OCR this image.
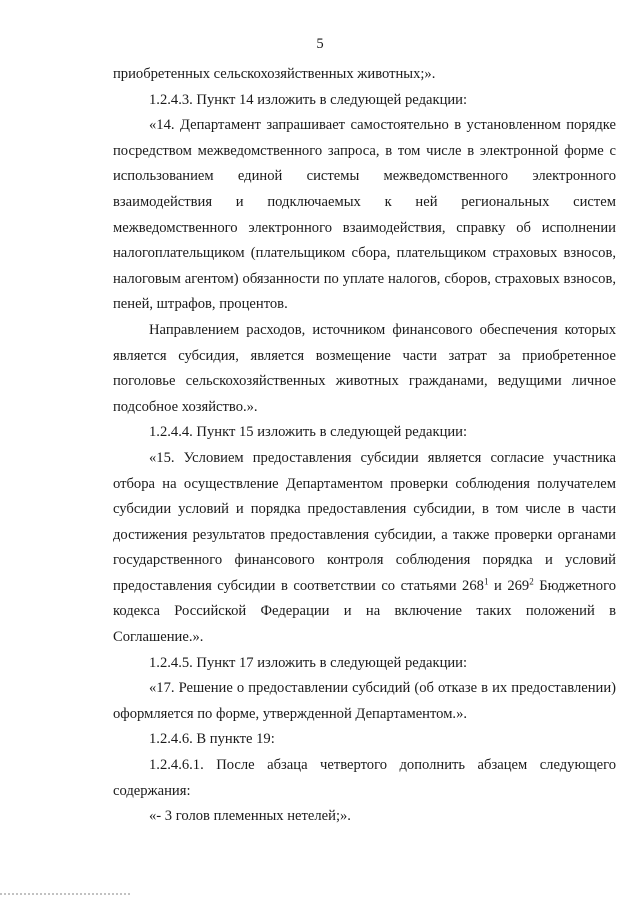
5

приобретенных сельскохозяйственных животных;».

1.2.4.3. Пункт 14 изложить в следующей редакции:

«14. Департамент запрашивает самостоятельно в установленном порядке посредством межведомственного запроса, в том числе в электронной форме с использованием единой системы межведомственного электронного взаимодействия и подключаемых к ней региональных систем межведомственного электронного взаимодействия, справку об исполнении налогоплательщиком (плательщиком сбора, плательщиком страховых взносов, налоговым агентом) обязанности по уплате налогов, сборов, страховых взносов, пеней, штрафов, процентов.

Направлением расходов, источником финансового обеспечения которых является субсидия, является возмещение части затрат за приобретенное поголовье сельскохозяйственных животных гражданами, ведущими личное подсобное хозяйство.».

1.2.4.4. Пункт 15 изложить в следующей редакции:

«15. Условием предоставления субсидии является согласие участника отбора на осуществление Департаментом проверки соблюдения получателем субсидии условий и порядка предоставления субсидии, в том числе в части достижения результатов предоставления субсидии, а также проверки органами государственного финансового контроля соблюдения порядка и условий предоставления субсидии в соответствии со статьями $268^1$ и $269^2$ Бюджетного кодекса Российской Федерации и на включение таких положений в Соглашение.».

1.2.4.5. Пункт 17 изложить в следующей редакции:

«17. Решение о предоставлении субсидий (об отказе в их предоставлении) оформляется по форме, утвержденной Департаментом.».

1.2.4.6. В пункте 19:

1.2.4.6.1. После абзаца четвертого дополнить абзацем следующего содержания:

«- 3 голов племенных нетелей;».
